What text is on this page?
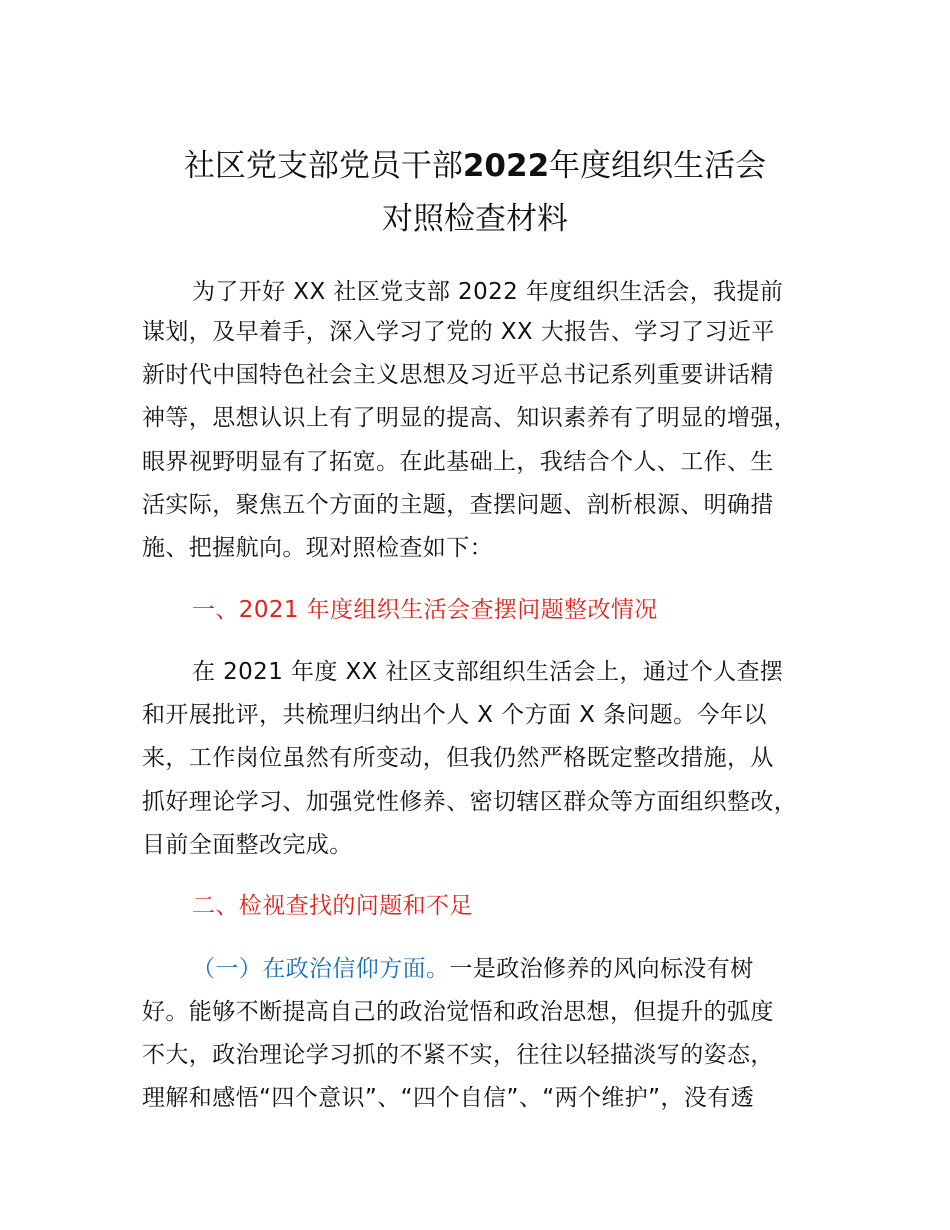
社区党支部党员干部2022年度组织生活会
对照检查材料
为了开好 XX 社区党支部 2022 年度组织生活会，我提前
谋划，及早着手，深入学习了党的 XX 大报告、学习了习近平
新时代中国特色社会主义思想及习近平总书记系列重要讲话精
神等，思想认识上有了明显的提高、知识素养有了明显的增强，
眼界视野明显有了拓宽。在此基础上，我结合个人、工作、生
活实际，聚焦五个方面的主题，查摆问题、剖析根源、明确措
施、把握航向。现对照检查如下：
一、2021 年度组织生活会查摆问题整改情况
在 2021 年度 XX 社区支部组织生活会上，通过个人查摆
和开展批评，共梳理归纳出个人 X 个方面 X 条问题。今年以
来，工作岗位虽然有所变动，但我仍然严格既定整改措施，从
抓好理论学习、加强党性修养、密切辖区群众等方面组织整改，
目前全面整改完成。
二、检视查找的问题和不足
（一）在政治信仰方面。一是政治修养的风向标没有树
好。能够不断提高自己的政治觉悟和政治思想，但提升的弧度
不大，政治理论学习抓的不紧不实，往往以轻描淡写的姿态，
理解和感悟“四个意识”、“四个自信”、“两个维护”，没有透
